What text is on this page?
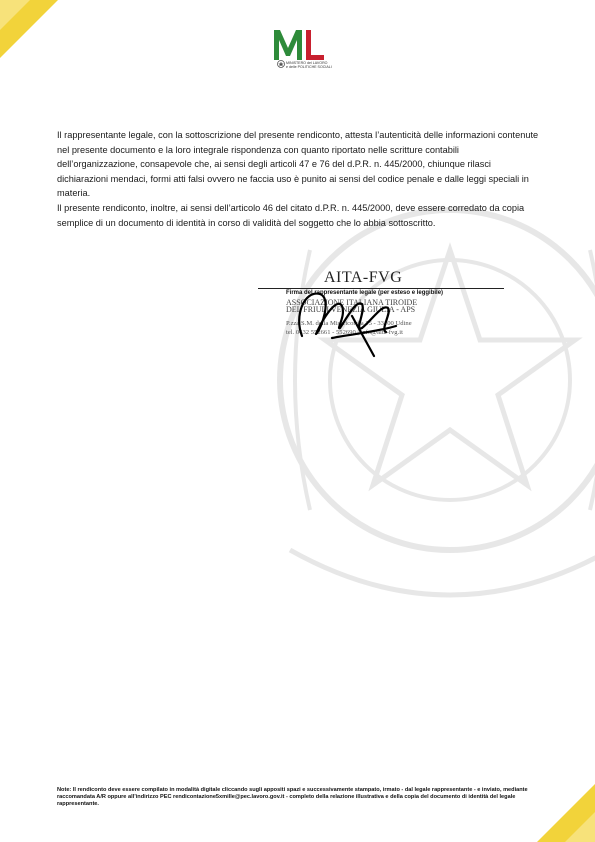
MINISTERO del LAVORO
e delle POLITICHE SOCIALI

Il rappresentante legale, con la sottoscrizione del presente rendiconto, attesta l’autenticità delle informazioni contenute nel presente documento e la loro integrale rispondenza con quanto riportato nelle scritture contabili dell’organizzazione, consapevole che, ai sensi degli articoli 47 e 76 del d.P.R. n. 445/2000, chiunque rilasci dichiarazioni mendaci, formi atti falsi ovvero ne faccia uso è punito ai sensi del codice penale e dalle leggi speciali in materia.

Il presente rendiconto, inoltre, ai sensi dell’articolo 46 del citato d.P.R. n. 445/2000, deve essere corredato da copia semplice di un documento di identità in corso di validità del soggetto che lo abbia sottoscritto.

AITA-FVG
Firma del rappresentante legale (per esteso e leggibile)
ASSOCIAZIONE ITALIANA TIROIDE
DEL FRIULI VENEZIA GIULIA - APS
P.zza S.M. della Misericordia 15 - 33100 Udine
tel. 0432 552661 - 552690 | info@aita-fvg.it
Note: Il rendiconto deve essere compilato in modalità digitale cliccando sugli appositi spazi e successivamente stampato, irmato - dal legale rappresentante - e inviato, mediante raccomandata A/R oppure all’indirizzo PEC rendicontazione5xmille@pec.lavoro.gov.it - completo della relazione illustrativa e della copia del documento di identità del legale rappresentante.
